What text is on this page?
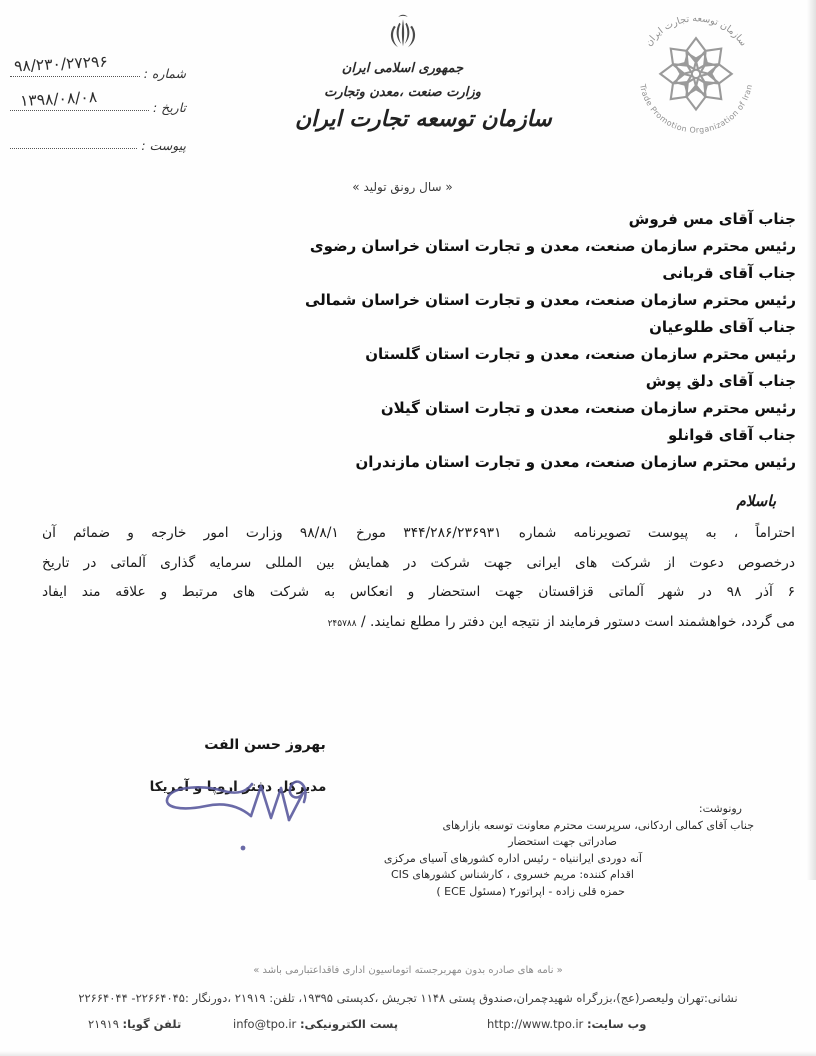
شماره :
تاریخ :
پیوست :
۹۸/۲۳۰/۲۷۲۹۶
۱۳۹۸/۰۸/۰۸
جمهوری اسلامی ایران
وزارت صنعت ،معدن وتجارت
سازمان توسعه تجارت ایران
« سال رونق تولید »
سازمان توسعه تجارت ایران
Trade Promotion Organization of Iran
جناب آقای مس فروش
رئیس محترم سازمان صنعت، معدن و تجارت استان خراسان رضوی
جناب آقای قربانی
رئیس محترم سازمان صنعت، معدن و تجارت استان خراسان شمالی
جناب آقای طلوعیان
رئیس محترم سازمان صنعت، معدن و تجارت استان گلستان
جناب آقای دلق پوش
رئیس محترم سازمان صنعت، معدن و تجارت استان گیلان
جناب آقای قوانلو
رئیس محترم سازمان صنعت، معدن و تجارت استان مازندران
باسلام
احتراماً ، به پیوست تصویرنامه شماره ۳۴۴/۲۸۶/۲۳۶۹۳۱ مورخ ۹۸/۸/۱ وزارت امور خارجه و ضمائم آن
درخصوص دعوت از شرکت های ایرانی جهت شرکت در همایش بین المللی سرمایه گذاری آلماتی در تاریخ
۶ آذر ۹۸ در شهر آلماتی قزاقستان جهت استحضار و انعکاس به شرکت های مرتبط و علاقه مند ایفاد
می گردد، خواهشمند است دستور فرمایند از نتیجه این دفتر را مطلع نمایند. / ۲۴۵۷۸۸
بهروز حسن الفت
مدیرکل دفتر اروپا و آمریکا
رونوشت:
جناب آقای کمالی اردکانی، سرپرست محترم معاونت توسعه بازارهای
صادراتی جهت استحضار
آنه دوردی ایراننیاه - رئیس اداره کشورهای آسیای مرکزی
اقدام کننده: مریم خسروی ، کارشناس کشورهای CIS
حمزه قلی زاده - اپراتور۲ (مسئول ECE )
« نامه های صادره بدون مهربرجسته اتوماسیون اداری فاقداعتبارمی باشد »
نشانی:تهران ولیعصر(عج)،بزرگراه شهیدچمران،صندوق پستی ۱۱۴۸ تجریش ،کدپستی ۱۹۳۹۵، تلفن: ۲۱۹۱۹ ،دورنگار :۲۲۶۶۴۰۴۵- ۲۲۶۶۴۰۴۴
وب سایت: http://www.tpo.ir
پست الکترونیکی: info@tpo.ir
تلفن گویا: ۲۱۹۱۹
